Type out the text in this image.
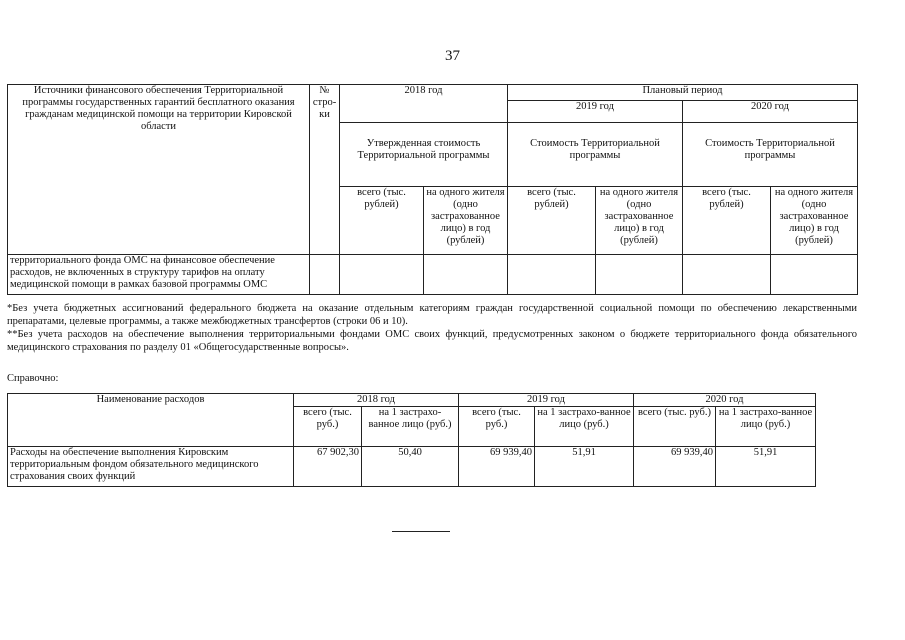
37
Источники финансового обеспечения Территориальной программы государственных гарантий бесплатного оказания гражданам медицинской помощи на территории Кировской области	№ стро-ки	2018 год		Плановый период			
				2019 год		2020 год	
		Утвержденная стоимость Территориальной программы		Стоимость Территориальной программы		Стоимость Территориальной программы	
		всего (тыс. рублей)	на одного жителя (одно застрахованное лицо) в год (рублей)	всего (тыс. рублей)	на одного жителя (одно застрахованное лицо) в год (рублей)	всего (тыс. рублей)	на одного жителя (одно застрахованное лицо) в год (рублей)
территориального фонда ОМС на финансовое обеспечение расходов, не включенных в структуру тарифов на оплату медицинской помощи в рамках базовой программы ОМС							

*Без учета бюджетных ассигнований федерального бюджета на оказание отдельным категориям граждан государственной социальной помощи по обеспечению лекарственными препаратами, целевые программы, а также межбюджетных трансфертов (строки 06 и 10).

**Без учета расходов на обеспечение выполнения территориальными фондами ОМС своих функций, предусмотренных законом о бюджете территориального фонда обязательного медицинского страхования по разделу 01 «Общегосударственные вопросы».

Справочно:
Наименование расходов	2018 год		2019 год		2020 год	
	всего (тыс. руб.)	на 1 застрахо-ванное лицо (руб.)	всего (тыс. руб.)	на 1 застрахо-ванное лицо (руб.)	всего (тыс. руб.)	на 1 застрахо-ванное лицо (руб.)
Расходы на обеспечение выполнения Кировским территориальным фондом обязательного медицинского страхования своих функций	67 902,30	50,40	69 939,40	51,91	69 939,40	51,91
